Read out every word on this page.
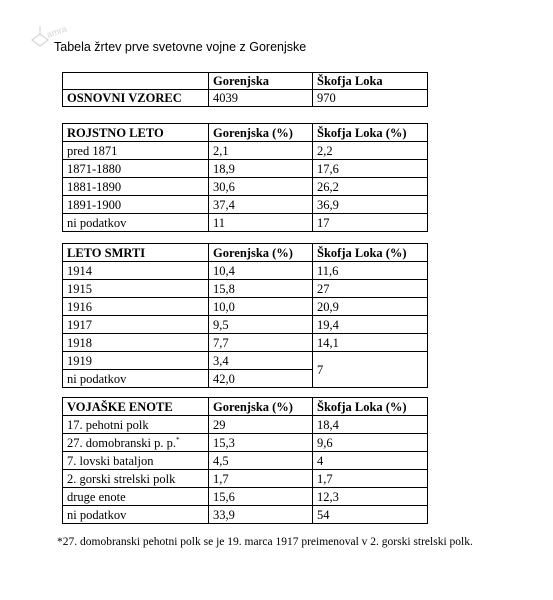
amra
Tabela žrtev prve svetovne vojne z Gorenjske
	Gorenjska	Škofja Loka
OSNOVNI VZOREC	4039	970
ROJSTNO LETO	Gorenjska (%)	Škofja Loka (%)
pred 1871	2,1	2,2
1871-1880	18,9	17,6
1881-1890	30,6	26,2
1891-1900	37,4	36,9
ni podatkov	11	17
LETO SMRTI	Gorenjska (%)	Škofja Loka (%)
1914	10,4	11,6
1915	15,8	27
1916	10,0	20,9
1917	9,5	19,4
1918	7,7	14,1
1919	3,4	7
ni podatkov	42,0	
VOJAŠKE ENOTE	Gorenjska (%)	Škofja Loka (%)
17. pehotni polk	29	18,4
27. domobranski p. p.*	15,3	9,6
7. lovski bataljon	4,5	4
2. gorski strelski polk	1,7	1,7
druge enote	15,6	12,3
ni podatkov	33,9	54
*27. domobranski pehotni polk se je 19. marca 1917 preimenoval v 2. gorski strelski polk.
